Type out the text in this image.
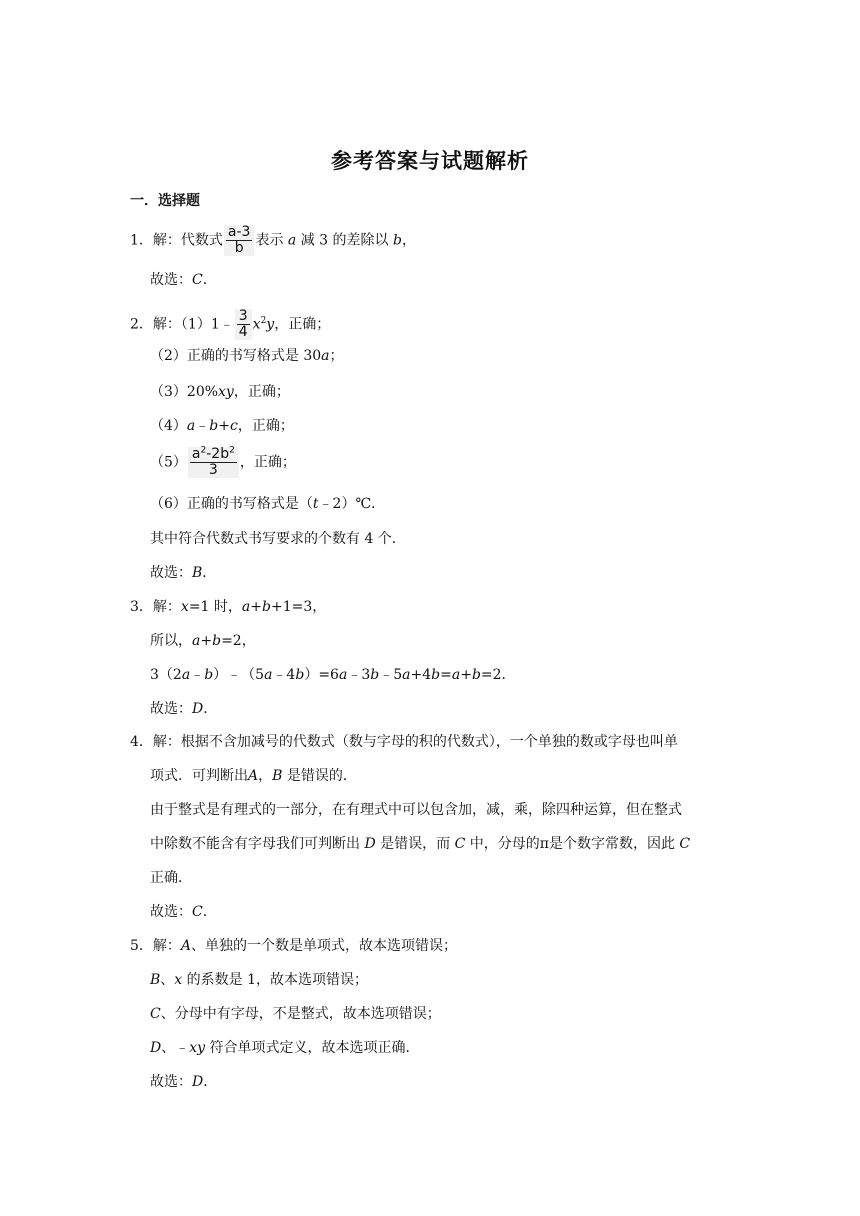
参考答案与试题解析
一．选择题
1．解：代数式 $\frac{a-3}{b}$ 表示 a 减 3 的差除以 b，
故选：C．
2．解：（1）1﹣ $\frac{3}{4} x^2y$，正确；
（2）正确的书写格式是 30a；
（3）20%xy，正确；
（4）a﹣b+c，正确；
$(5) \frac{a^2-2b^2}{3}$ ，正确；
（6）正确的书写格式是（t﹣2）℃．
其中符合代数式书写要求的个数有 4 个．
故选：B．
3．解：x=1 时，a+b+1=3，
所以，a+b=2，
3（2a﹣b）﹣（5a﹣4b）=6a﹣3b﹣5a+4b=a+b=2．
故选：D．
4．解：根据不含加减号的代数式（数与字母的积的代数式），一个单独的数或字母也叫单
项式．可判断出A，B 是错误的．
由于整式是有理式的一部分，在有理式中可以包含加，减，乘，除四种运算，但在整式
中除数不能含有字母我们可判断出 D 是错误，而 C 中，分母的π是个数字常数，因此 C
正确．
故选：C．
5．解：A、单独的一个数是单项式，故本选项错误；
B、x 的系数是 1，故本选项错误；
C、分母中有字母，不是整式，故本选项错误；
D、﹣xy 符合单项式定义，故本选项正确．
故选：D．
